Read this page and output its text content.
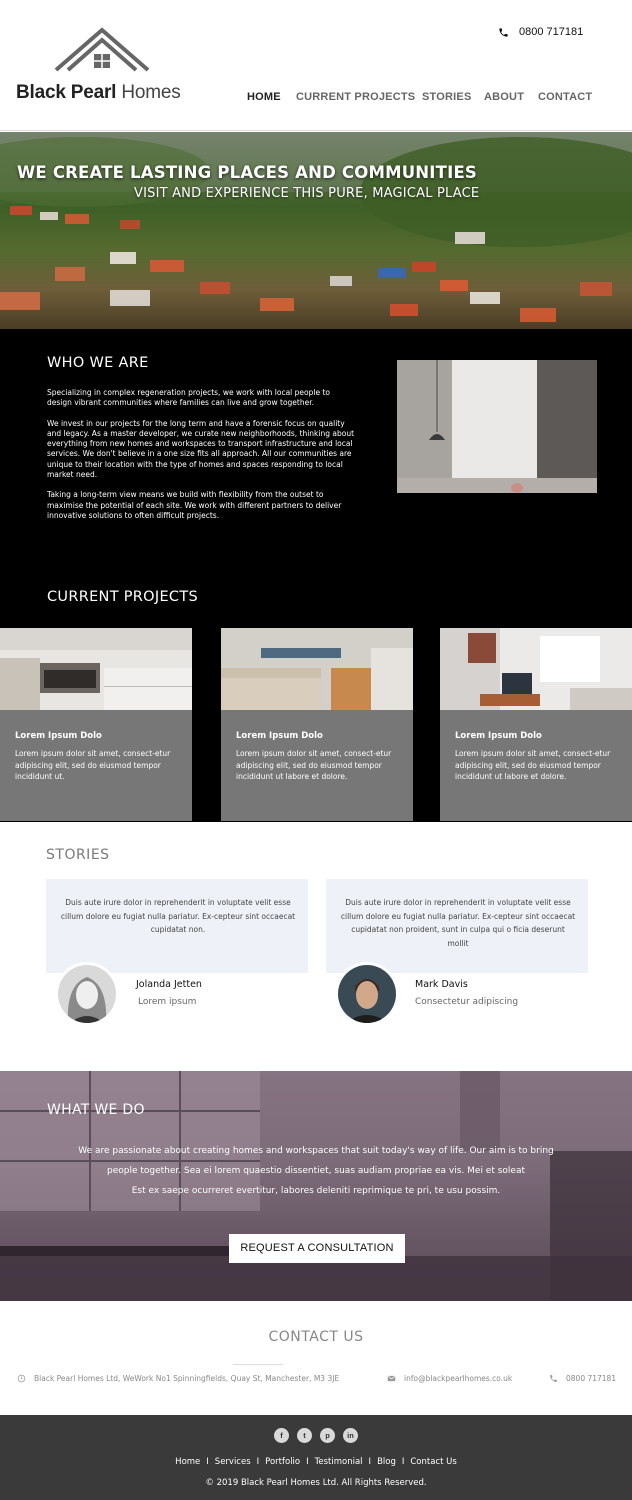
Black Pearl Homes
0800 717181
HOME CURRENT PROJECTS STORIES ABOUT CONTACT
WE CREATE LASTING PLACES AND COMMUNITIES
VISIT AND EXPERIENCE THIS PURE, MAGICAL PLACE
WHO WE ARE

Specializing in complex regeneration projects, we work with local people to design vibrant communities where families can live and grow together.

We invest in our projects for the long term and have a forensic focus on quality and legacy. As a master developer, we curate new neighborhoods, thinking about everything from new homes and workspaces to transport infrastructure and local services. We don't believe in a one size fits all approach. All our communities are unique to their location with the type of homes and spaces responding to local market need.

Taking a long-term view means we build with flexibility from the outset to maximise the potential of each site. We work with different partners to deliver innovative solutions to often difficult projects.

CURRENT PROJECTS
Lorem Ipsum Dolo
Lorem ipsum dolor sit amet, consect-etur adipiscing elit, sed do eiusmod tempor incididunt ut.
Lorem Ipsum Dolo
Lorem ipsum dolor sit amet, consect-etur adipiscing elit, sed do eiusmod tempor incididunt ut labore et dolore.
Lorem Ipsum Dolo
Lorem ipsum dolor sit amet, consect-etur adipiscing elit, sed do eiusmod tempor incididunt ut labore et dolore.
STORIES
Duis aute irure dolor in reprehenderit in voluptate velit esse cillum dolore eu fugiat nulla pariatur. Ex-cepteur sint occaecat cupidatat non.
Jolanda Jetten
Lorem ipsum
Duis aute irure dolor in reprehenderit in voluptate velit esse cillum dolore eu fugiat nulla pariatur. Ex-cepteur sint occaecat cupidatat non proident, sunt in culpa qui o ficia deserunt mollit
Mark Davis
Consectetur adipiscing
WHAT WE DO
We are passionate about creating homes and workspaces that suit today's way of life. Our aim is to bring
people together. Sea ei lorem quaestio dissentiet, suas audiam propriae ea vis. Mei et soleat
Est ex saepe ocurreret evertitur, labores deleniti reprimique te pri, te usu possim.
REQUEST A CONSULTATION
CONTACT US
Black Pearl Homes Ltd, WeWork No1 Spinningfields, Quay St, Manchester, M3 3JE	info@blackpearlhomes.co.uk	0800 717181
f	t	p	in
Home I Services I Portfolio I Testimonial I Blog I Contact Us
© 2019 Black Pearl Homes Ltd. All Rights Reserved.
